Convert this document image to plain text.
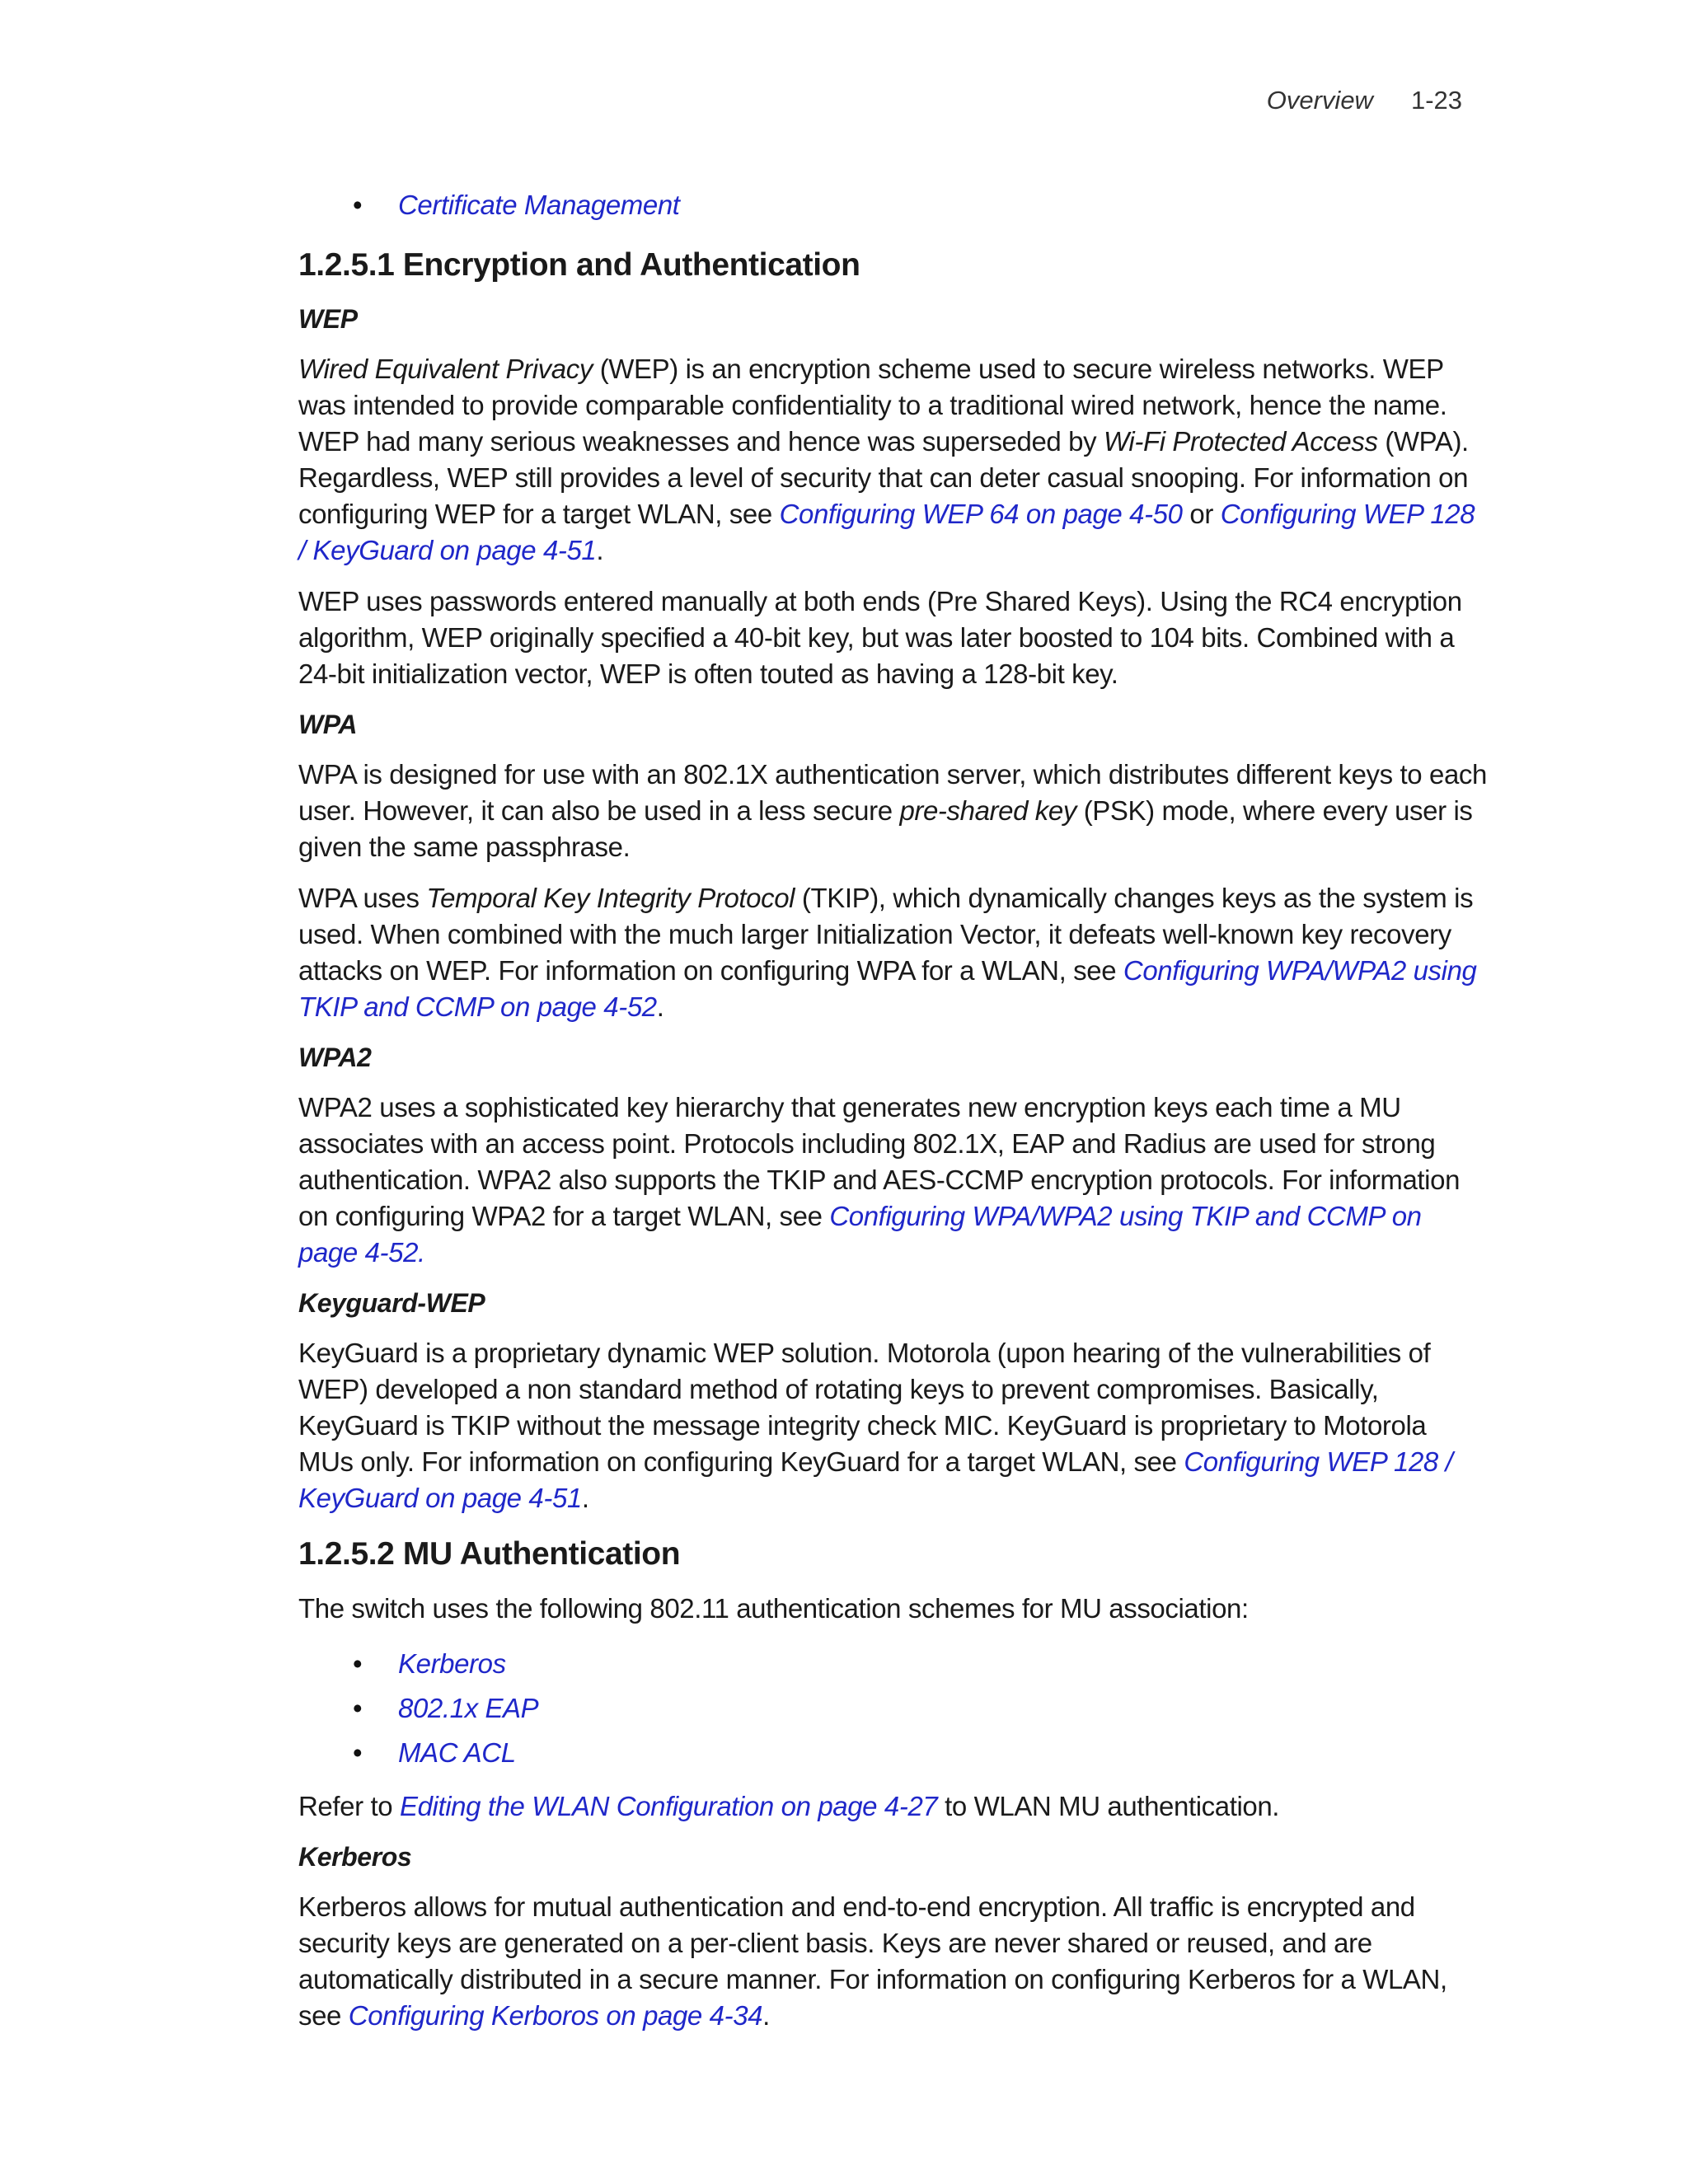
Overview 1-23
• Certificate Management
1.2.5.1 Encryption and Authentication
WEP

Wired Equivalent Privacy (WEP) is an encryption scheme used to secure wireless networks. WEP was intended to provide comparable confidentiality to a traditional wired network, hence the name. WEP had many serious weaknesses and hence was superseded by Wi-Fi Protected Access (WPA). Regardless, WEP still provides a level of security that can deter casual snooping. For information on configuring WEP for a target WLAN, see Configuring WEP 64 on page 4-50 or Configuring WEP 128 / KeyGuard on page 4-51.

WEP uses passwords entered manually at both ends (Pre Shared Keys). Using the RC4 encryption algorithm, WEP originally specified a 40-bit key, but was later boosted to 104 bits. Combined with a 24-bit initialization vector, WEP is often touted as having a 128-bit key.

WPA

WPA is designed for use with an 802.1X authentication server, which distributes different keys to each user. However, it can also be used in a less secure pre-shared key (PSK) mode, where every user is given the same passphrase.

WPA uses Temporal Key Integrity Protocol (TKIP), which dynamically changes keys as the system is used. When combined with the much larger Initialization Vector, it defeats well-known key recovery attacks on WEP. For information on configuring WPA for a WLAN, see Configuring WPA/WPA2 using TKIP and CCMP on page 4-52.

WPA2

WPA2 uses a sophisticated key hierarchy that generates new encryption keys each time a MU associates with an access point. Protocols including 802.1X, EAP and Radius are used for strong authentication. WPA2 also supports the TKIP and AES-CCMP encryption protocols. For information on configuring WPA2 for a target WLAN, see Configuring WPA/WPA2 using TKIP and CCMP on page 4-52.

Keyguard-WEP

KeyGuard is a proprietary dynamic WEP solution. Motorola (upon hearing of the vulnerabilities of WEP) developed a non standard method of rotating keys to prevent compromises. Basically, KeyGuard is TKIP without the message integrity check MIC. KeyGuard is proprietary to Motorola MUs only. For information on configuring KeyGuard for a target WLAN, see Configuring WEP 128 / KeyGuard on page 4-51.

1.2.5.2 MU Authentication

The switch uses the following 802.11 authentication schemes for MU association:

• Kerberos
• 802.1x EAP
• MAC ACL

Refer to Editing the WLAN Configuration on page 4-27 to WLAN MU authentication.

Kerberos

Kerberos allows for mutual authentication and end-to-end encryption. All traffic is encrypted and security keys are generated on a per-client basis. Keys are never shared or reused, and are automatically distributed in a secure manner. For information on configuring Kerberos for a WLAN, see Configuring Kerboros on page 4-34.
